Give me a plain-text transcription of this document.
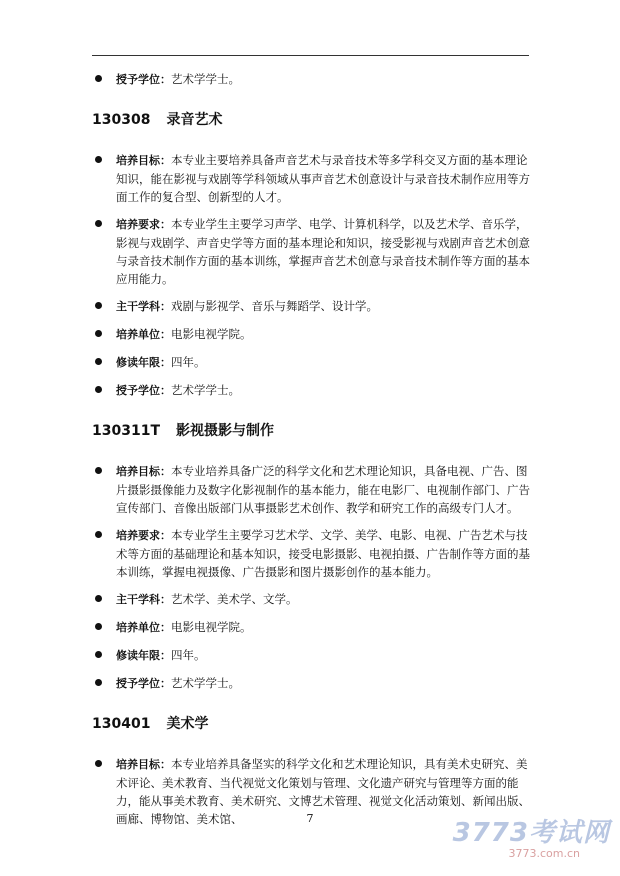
授予学位：艺术学学士。
130308 录音艺术
培养目标：本专业主要培养具备声音艺术与录音技术等多学科交叉方面的基本理论知识，能在影视与戏剧等学科领域从事声音艺术创意设计与录音技术制作应用等方面工作的复合型、创新型的人才。
培养要求：本专业学生主要学习声学、电学、计算机科学，以及艺术学、音乐学，影视与戏剧学、声音史学等方面的基本理论和知识，接受影视与戏剧声音艺术创意与录音技术制作方面的基本训练，掌握声音艺术创意与录音技术制作等方面的基本应用能力。
主干学科：戏剧与影视学、音乐与舞蹈学、设计学。
培养单位：电影电视学院。
修读年限：四年。
授予学位：艺术学学士。
130311T 影视摄影与制作
培养目标：本专业培养具备广泛的科学文化和艺术理论知识，具备电视、广告、图片摄影摄像能力及数字化影视制作的基本能力，能在电影厂、电视制作部门、广告宣传部门、音像出版部门从事摄影艺术创作、教学和研究工作的高级专门人才。
培养要求：本专业学生主要学习艺术学、文学、美学、电影、电视、广告艺术与技术等方面的基础理论和基本知识，接受电影摄影、电视拍摄、广告制作等方面的基本训练，掌握电视摄像、广告摄影和图片摄影创作的基本能力。
主干学科：艺术学、美术学、文学。
培养单位：电影电视学院。
修读年限：四年。
授予学位：艺术学学士。
130401 美术学
培养目标：本专业培养具备坚实的科学文化和艺术理论知识，具有美术史研究、美术评论、美术教育、当代视觉文化策划与管理、文化遗产研究与管理等方面的能力，能从事美术教育、美术研究、文博艺术管理、视觉文化活动策划、新闻出版、画廊、博物馆、美术馆、	7	3773考试网
3773.com.cn
